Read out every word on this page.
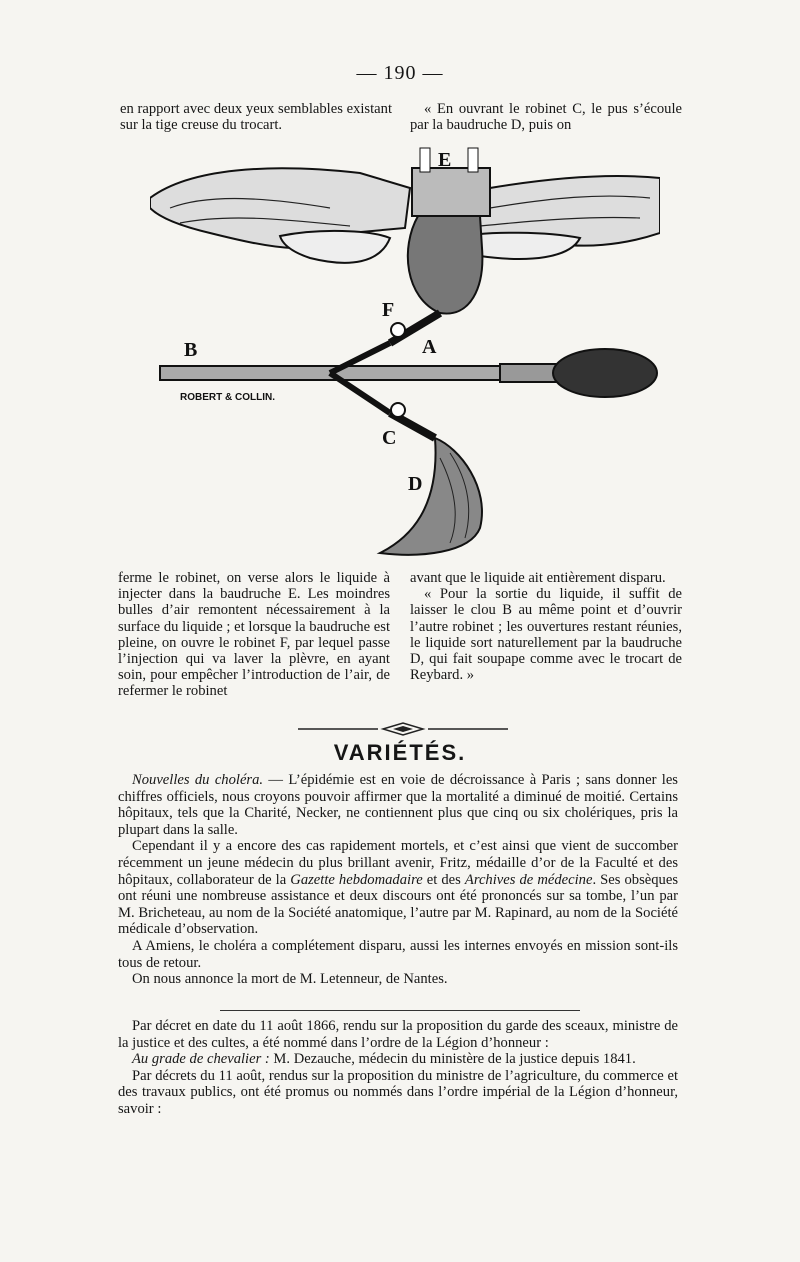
— 190 —

en rapport avec deux yeux semblables existant sur la tige creuse du trocart.

« En ouvrant le robinet C, le pus s’écoule par la baudruche D, puis on

E
F
A
B
ROBERT & COLLIN.
C
D

ferme le robinet, on verse alors le liquide à injecter dans la baudruche E. Les moindres bulles d’air remontent nécessairement à la surface du liquide ; et lorsque la baudruche est pleine, on ouvre le robinet F, par lequel passe l’injection qui va laver la plèvre, en ayant soin, pour empêcher l’introduction de l’air, de refermer le robinet

avant que le liquide ait entièrement disparu.

« Pour la sortie du liquide, il suffit de laisser le clou B au même point et d’ouvrir l’autre robinet ; les ouvertures restant réunies, le liquide sort naturellement par la baudruche D, qui fait soupape comme avec le trocart de Reybard. »

VARIÉTÉS.

Nouvelles du choléra. — L’épidémie est en voie de décroissance à Paris ; sans donner les chiffres officiels, nous croyons pouvoir affirmer que la mortalité a diminué de moitié. Certains hôpitaux, tels que la Charité, Necker, ne contiennent plus que cinq ou six cholériques, pris la plupart dans la salle.

Cependant il y a encore des cas rapidement mortels, et c’est ainsi que vient de succomber récemment un jeune médecin du plus brillant avenir, Fritz, médaille d’or de la Faculté et des hôpitaux, collaborateur de la Gazette hebdomadaire et des Archives de médecine. Ses obsèques ont réuni une nombreuse assistance et deux discours ont été prononcés sur sa tombe, l’un par M. Bricheteau, au nom de la Société anatomique, l’autre par M. Rapinard, au nom de la Société médicale d’observation.

A Amiens, le choléra a complétement disparu, aussi les internes envoyés en mission sont-ils tous de retour.

On nous annonce la mort de M. Letenneur, de Nantes.

Par décret en date du 11 août 1866, rendu sur la proposition du garde des sceaux, ministre de la justice et des cultes, a été nommé dans l’ordre de la Légion d’honneur :

Au grade de chevalier : M. Dezauche, médecin du ministère de la justice depuis 1841.

Par décrets du 11 août, rendus sur la proposition du ministre de l’agriculture, du commerce et des travaux publics, ont été promus ou nommés dans l’ordre impérial de la Légion d’honneur, savoir :
